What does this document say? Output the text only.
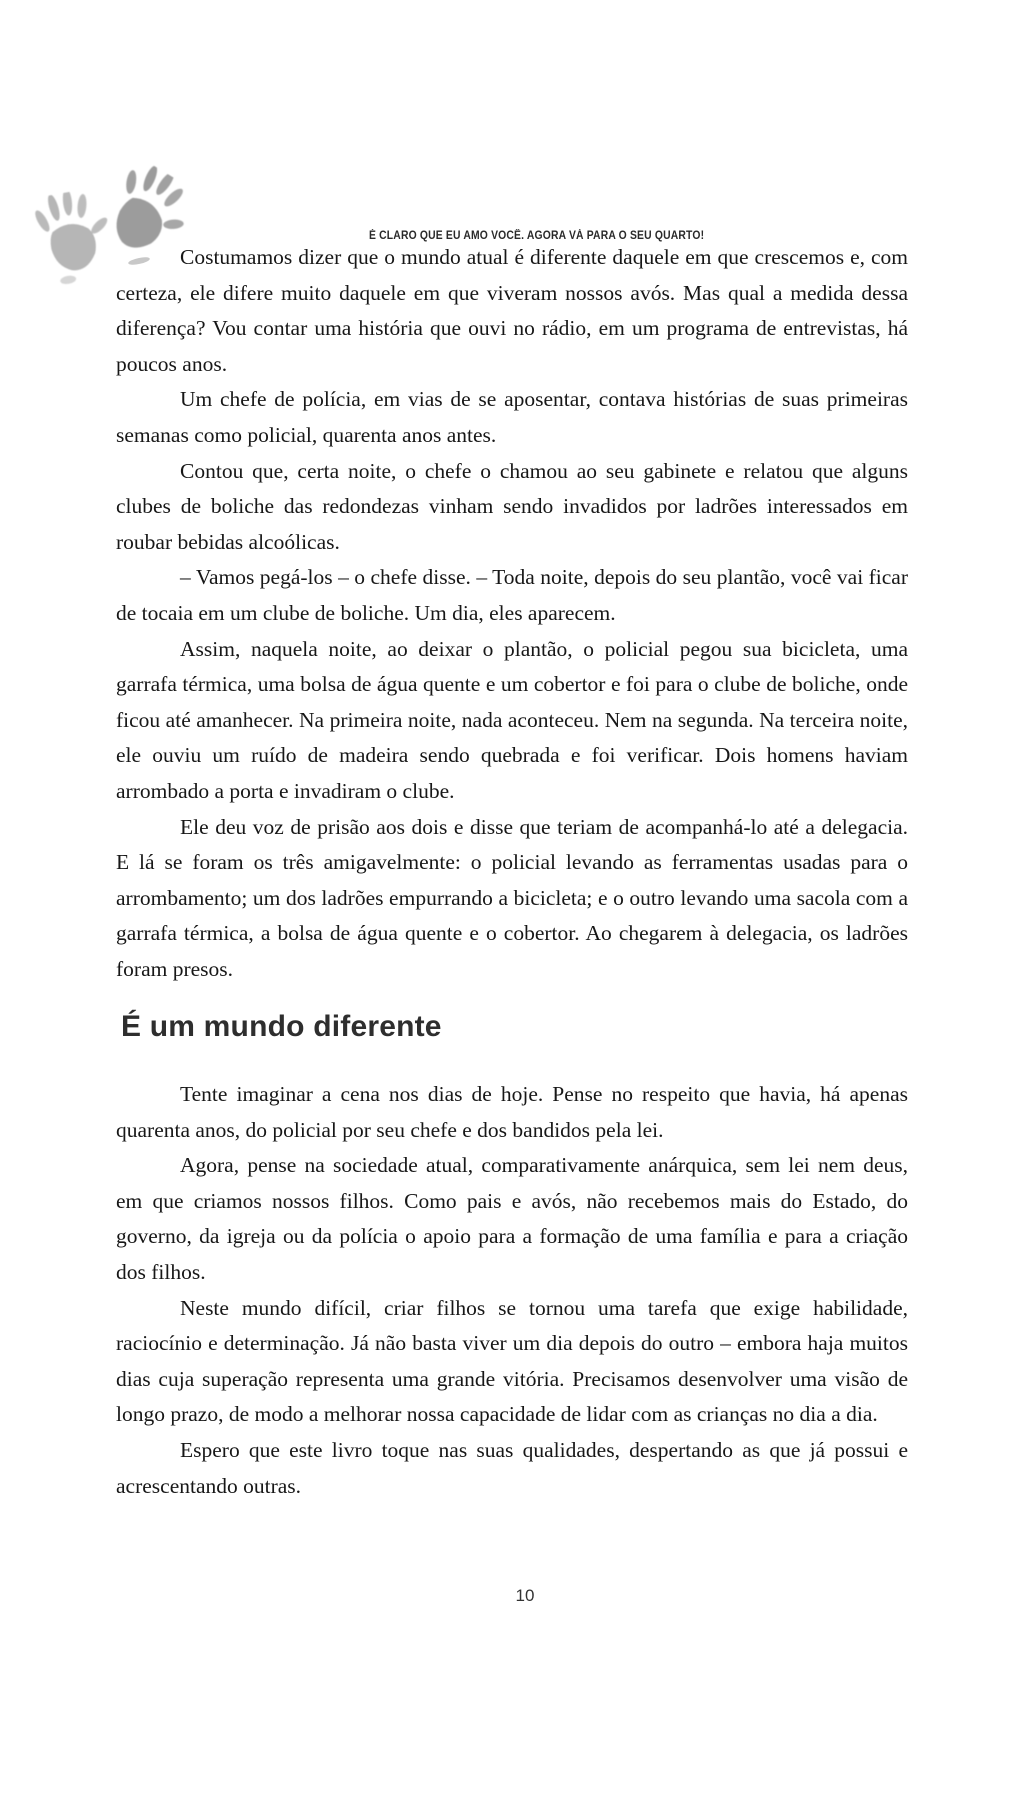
É CLARO QUE EU AMO VOCÊ. AGORA VÁ PARA O SEU QUARTO!

Costumamos dizer que o mundo atual é diferente daquele em que crescemos e, com certeza, ele difere muito daquele em que viveram nossos avós. Mas qual a medida dessa diferença? Vou contar uma história que ouvi no rádio, em um programa de entrevistas, há poucos anos.

Um chefe de polícia, em vias de se aposentar, contava histórias de suas primeiras semanas como policial, quarenta anos antes.

Contou que, certa noite, o chefe o chamou ao seu gabinete e relatou que alguns clubes de boliche das redondezas vinham sendo invadidos por ladrões interessados em roubar bebidas alcoólicas.

– Vamos pegá-los – o chefe disse. – Toda noite, depois do seu plantão, você vai ficar de tocaia em um clube de boliche. Um dia, eles aparecem.

Assim, naquela noite, ao deixar o plantão, o policial pegou sua bicicleta, uma garrafa térmica, uma bolsa de água quente e um cobertor e foi para o clube de boliche, onde ficou até amanhecer. Na primeira noite, nada aconteceu. Nem na segunda. Na terceira noite, ele ouviu um ruído de madeira sendo quebrada e foi verificar. Dois homens haviam arrombado a porta e invadiram o clube.

Ele deu voz de prisão aos dois e disse que teriam de acompanhá-lo até a delegacia. E lá se foram os três amigavelmente: o policial levando as ferramentas usadas para o arrombamento; um dos ladrões empurrando a bicicleta; e o outro levando uma sacola com a garrafa térmica, a bolsa de água quente e o cobertor. Ao chegarem à delegacia, os ladrões foram presos.

É um mundo diferente

Tente imaginar a cena nos dias de hoje. Pense no respeito que havia, há apenas quarenta anos, do policial por seu chefe e dos bandidos pela lei.

Agora, pense na sociedade atual, comparativamente anárquica, sem lei nem deus, em que criamos nossos filhos. Como pais e avós, não recebemos mais do Estado, do governo, da igreja ou da polícia o apoio para a formação de uma família e para a criação dos filhos.

Neste mundo difícil, criar filhos se tornou uma tarefa que exige habilidade, raciocínio e determinação. Já não basta viver um dia depois do outro – embora haja muitos dias cuja superação representa uma grande vitória. Precisamos desenvolver uma visão de longo prazo, de modo a melhorar nossa capacidade de lidar com as crianças no dia a dia.

Espero que este livro toque nas suas qualidades, despertando as que já possui e acrescentando outras.

10
